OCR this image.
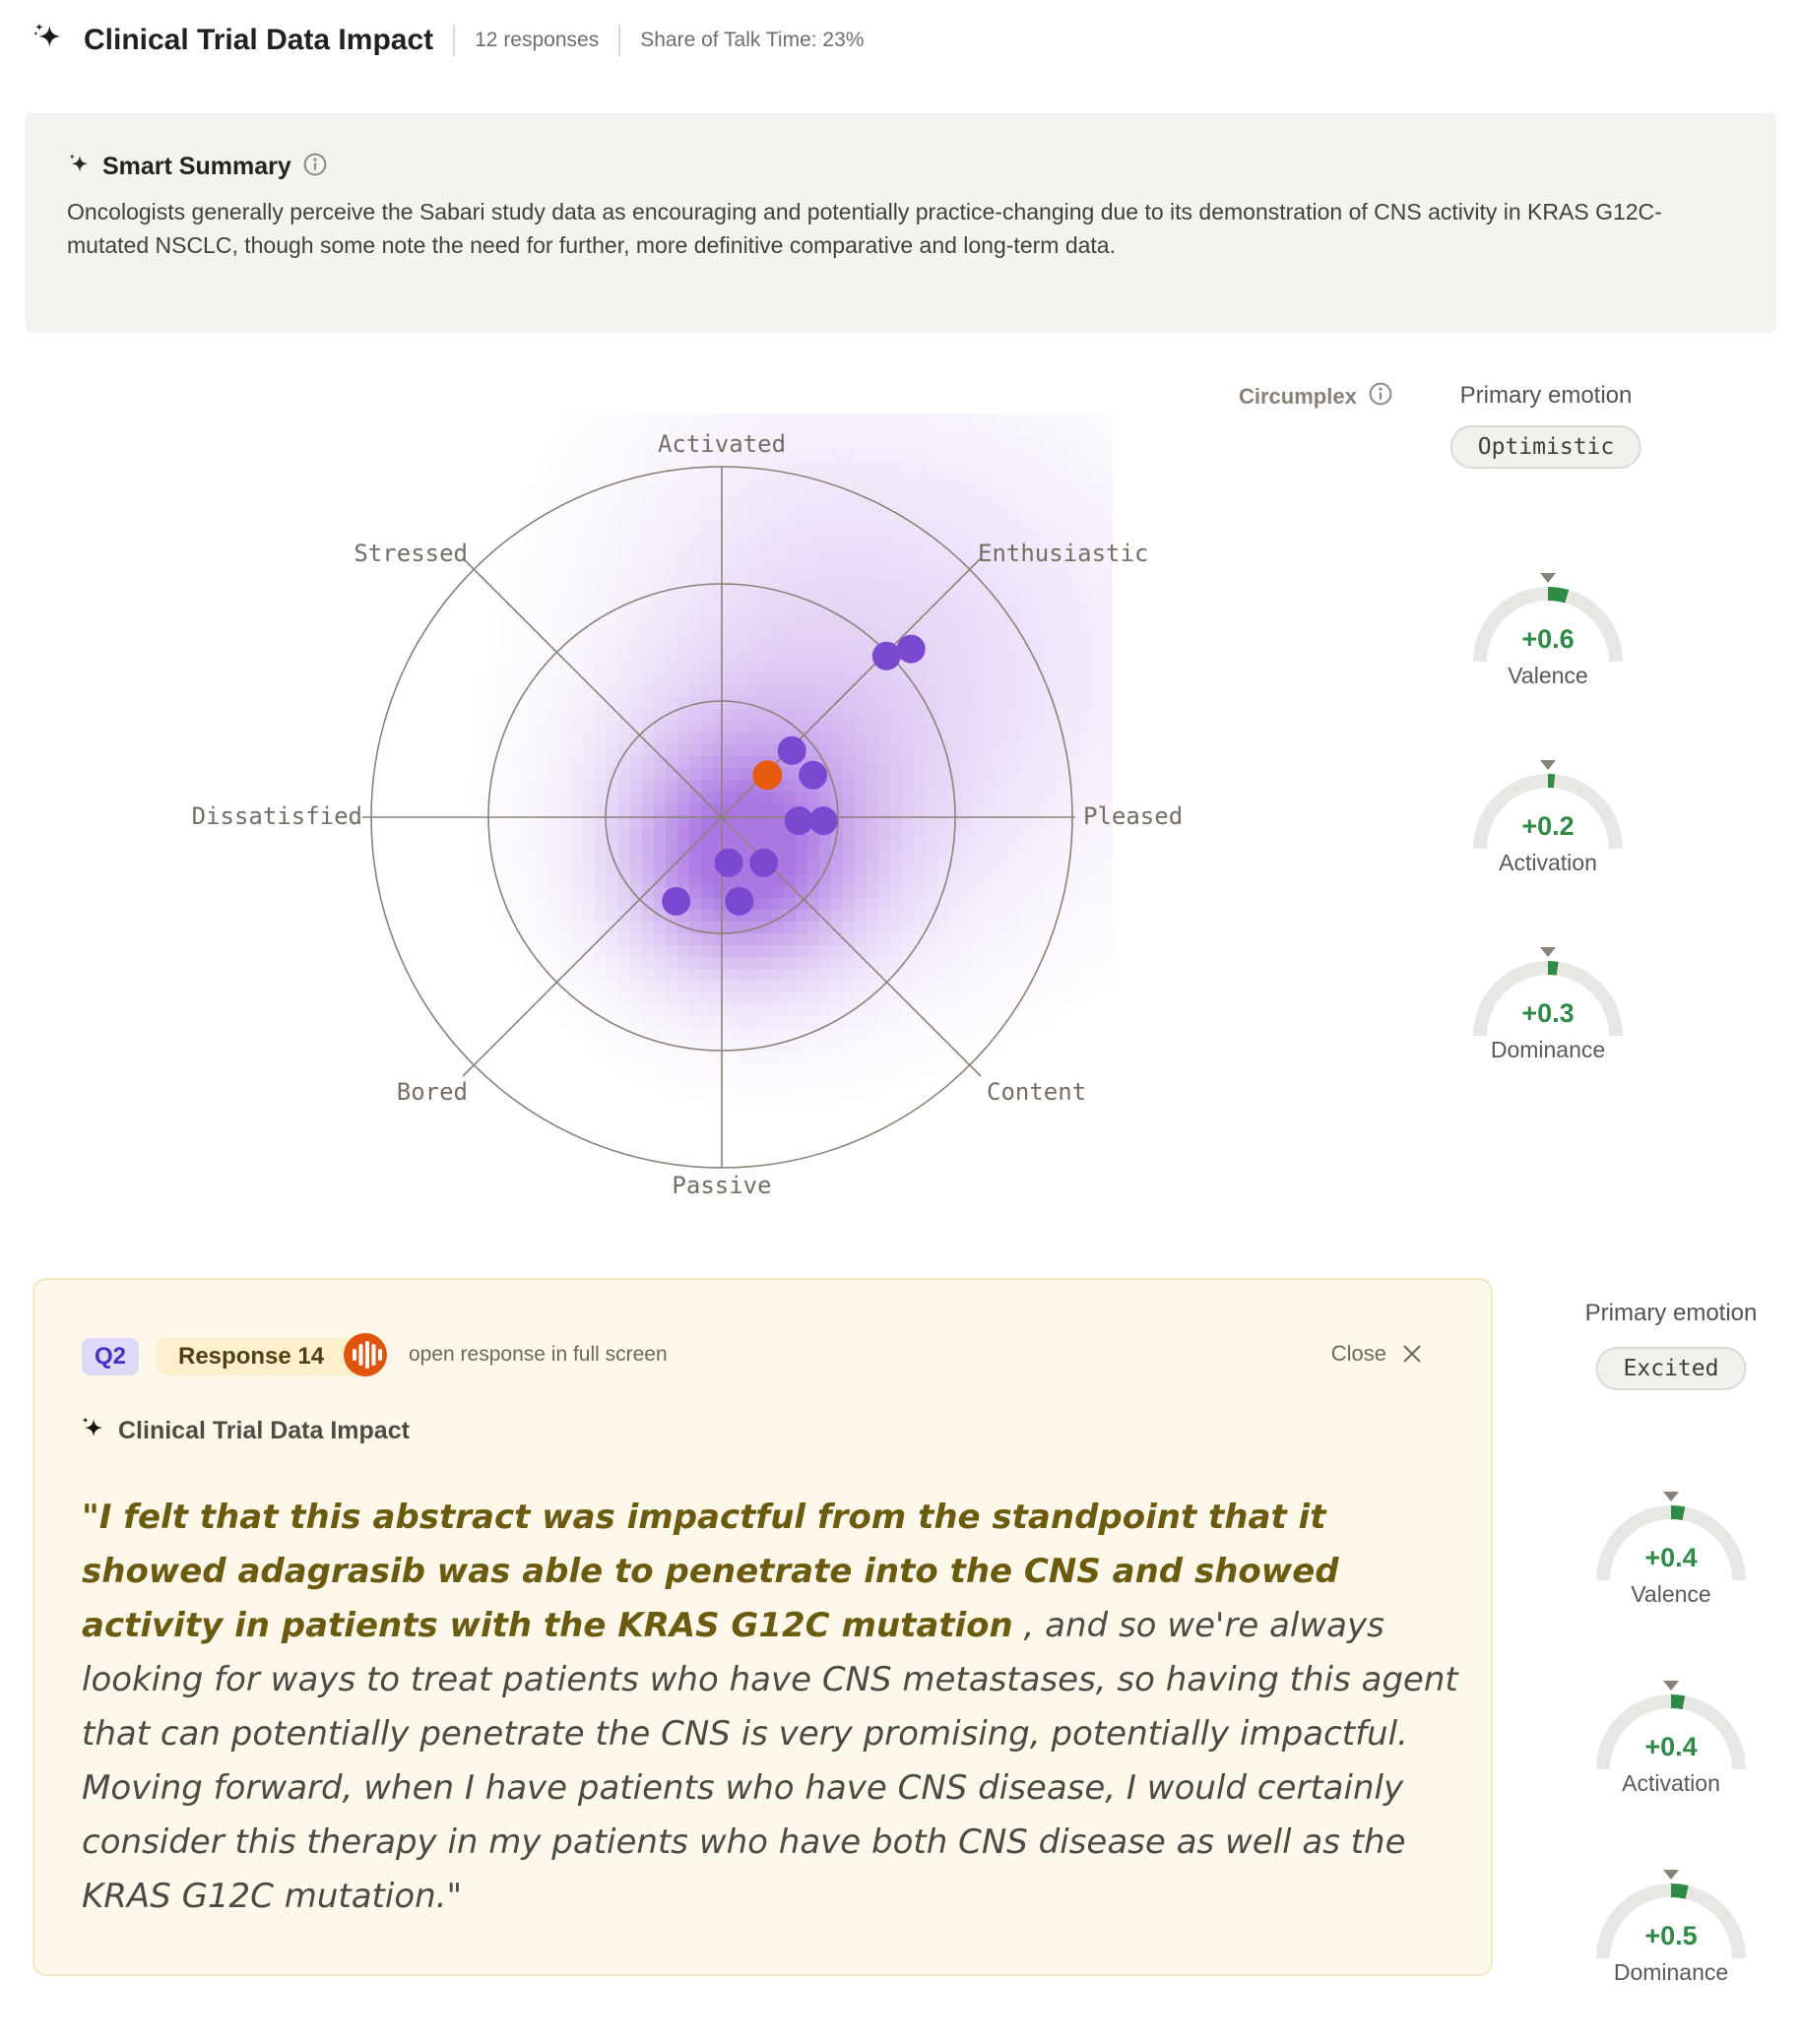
Clinical Trial Data Impact 12 responses Share of Talk Time: 23%
Smart Summary
Oncologists generally perceive the Sabari study data as encouraging and potentially practice-changing due to its demonstration of CNS activity in KRAS G12C-mutated NSCLC, though some note the need for further, more definitive comparative and long-term data.
Circumplex
Activated
Enthusiastic
Pleased
Content
Passive
Bored
Dissatisfied
Stressed
Primary emotion
Optimistic
+0.6
Valence
+0.2
Activation
+0.3
Dominance
Q2	Response 14	open response in full screen	Close
Clinical Trial Data Impact
"I felt that this abstract was impactful from the standpoint that it showed adagrasib was able to penetrate into the CNS and showed activity in patients with the KRAS G12C mutation , and so we're always looking for ways to treat patients who have CNS metastases, so having this agent that can potentially penetrate the CNS is very promising, potentially impactful. Moving forward, when I have patients who have CNS disease, I would certainly consider this therapy in my patients who have both CNS disease as well as the KRAS G12C mutation."
Primary emotion
Excited
+0.4
Valence
+0.4
Activation
+0.5
Dominance
